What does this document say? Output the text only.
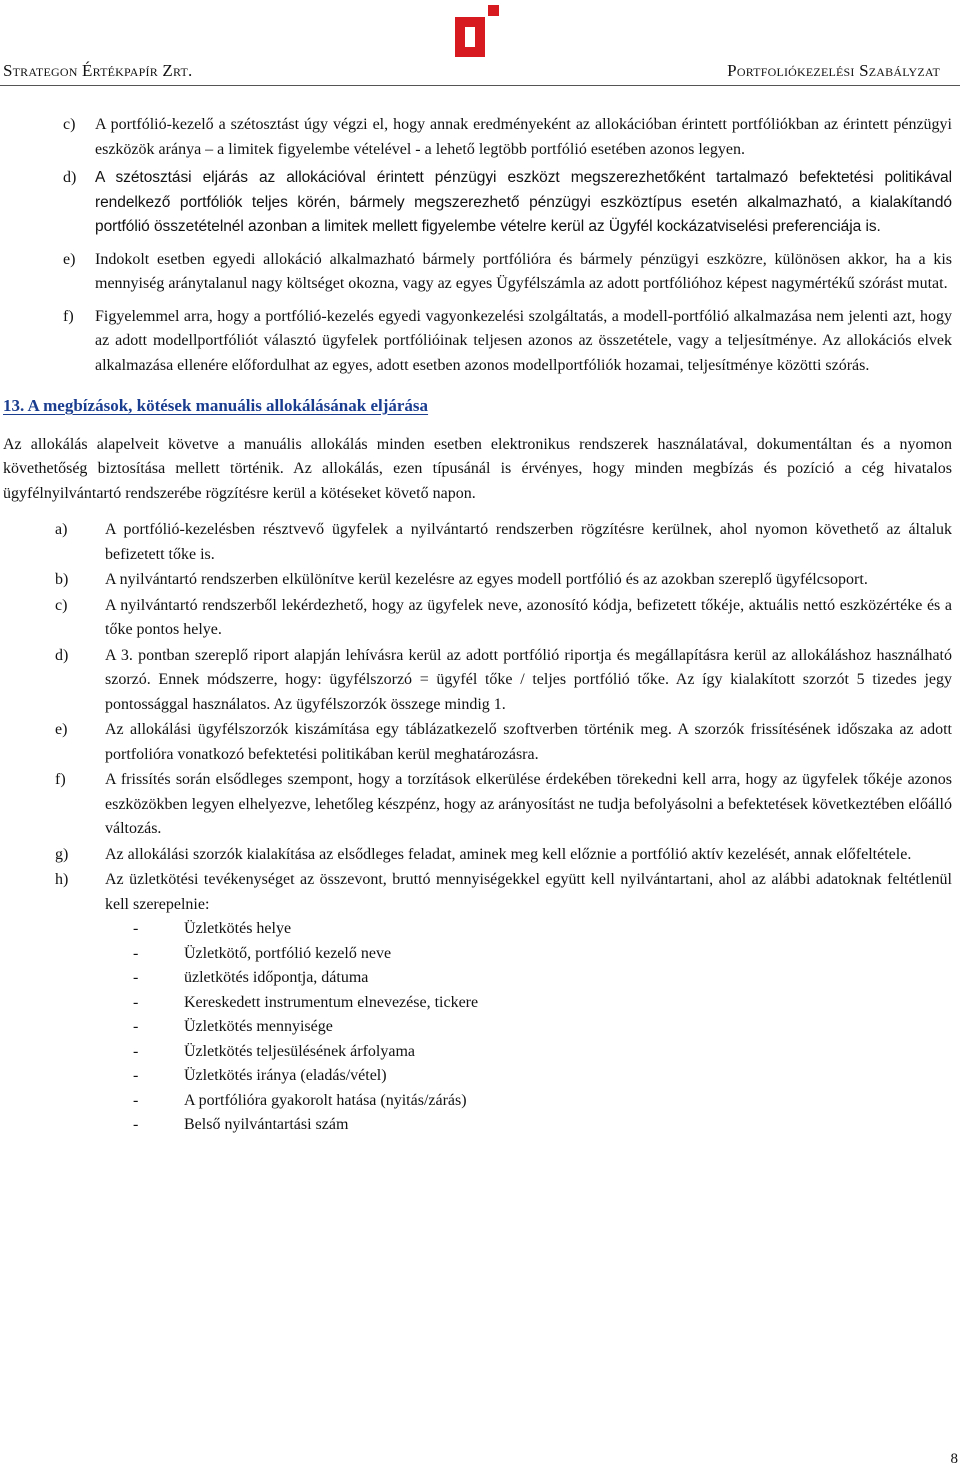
Strategon Értékpapír Zrt.	Portfoliókezelési Szabályzat
c)	A portfólió-kezelő a szétosztást úgy végzi el, hogy annak eredményeként az allokációban érintett portfóliókban az érintett pénzügyi eszközök aránya – a limitek figyelembe vételével - a lehető legtöbb portfólió esetében azonos legyen.
d)	A szétosztási eljárás az allokációval érintett pénzügyi eszközt megszerezhetőként tartalmazó befektetési politikával rendelkező portfóliók teljes körén, bármely megszerezhető pénzügyi eszköztípus esetén alkalmazható, a kialakítandó portfólió összetételnél azonban a limitek mellett figyelembe vételre kerül az Ügyfél kockázatviselési preferenciája is.
e)	Indokolt esetben egyedi allokáció alkalmazható bármely portfólióra és bármely pénzügyi eszközre, különösen akkor, ha a kis mennyiség aránytalanul nagy költséget okozna, vagy az egyes Ügyfélszámla az adott portfólióhoz képest nagymértékű szórást mutat.
f)	Figyelemmel arra, hogy a portfólió-kezelés egyedi vagyonkezelési szolgáltatás, a modell-portfólió alkalmazása nem jelenti azt, hogy az adott modellportfóliót választó ügyfelek portfólióinak teljesen azonos az összetétele, vagy a teljesítménye. Az allokációs elvek alkalmazása ellenére előfordulhat az egyes, adott esetben azonos modellportfóliók hozamai, teljesítménye közötti szórás.
13. A megbízások, kötések manuális allokálásának eljárása
Az allokálás alapelveit követve a manuális allokálás minden esetben elektronikus rendszerek használatával, dokumentáltan és a nyomon követhetőség biztosítása mellett történik. Az allokálás, ezen típusánál is érvényes, hogy minden megbízás és pozíció a cég hivatalos ügyfélnyilvántartó rendszerébe rögzítésre kerül a kötéseket követő napon.
a)	A portfólió-kezelésben résztvevő ügyfelek a nyilvántartó rendszerben rögzítésre kerülnek, ahol nyomon követhető az általuk befizetett tőke is.
b)	A nyilvántartó rendszerben elkülönítve kerül kezelésre az egyes modell portfólió és az azokban szereplő ügyfélcsoport.
c)	A nyilvántartó rendszerből lekérdezhető, hogy az ügyfelek neve, azonosító kódja, befizetett tőkéje, aktuális nettó eszközértéke és a tőke pontos helye.
d)	A 3. pontban szereplő riport alapján lehívásra kerül az adott portfólió riportja és megállapításra kerül az allokáláshoz használható szorzó. Ennek módszerre, hogy: ügyfélszorzó = ügyfél tőke / teljes portfólió tőke. Az így kialakított szorzót 5 tizedes jegy pontossággal használatos. Az ügyfélszorzók összege mindig 1.
e)	Az allokálási ügyfélszorzók kiszámítása egy táblázatkezelő szoftverben történik meg. A szorzók frissítésének időszaka az adott portfolióra vonatkozó befektetési politikában kerül meghatározásra.
f)	A frissítés során elsődleges szempont, hogy a torzítások elkerülése érdekében törekedni kell arra, hogy az ügyfelek tőkéje azonos eszközökben legyen elhelyezve, lehetőleg készpénz, hogy az arányosítást ne tudja befolyásolni a befektetések következtében előálló változás.
g)	Az allokálási szorzók kialakítása az elsődleges feladat, aminek meg kell előznie a portfólió aktív kezelését, annak előfeltétele.
h)	Az üzletkötési tevékenységet az összevont, bruttó mennyiségekkel együtt kell nyilvántartani, ahol az alábbi adatoknak feltétlenül kell szerepelnie:
-	Üzletkötés helye
-	Üzletkötő, portfólió kezelő neve
-	üzletkötés időpontja, dátuma
-	Kereskedett instrumentum elnevezése, tickere
-	Üzletkötés mennyisége
-	Üzletkötés teljesülésének árfolyama
-	Üzletkötés iránya (eladás/vétel)
-	A portfólióra gyakorolt hatása (nyitás/zárás)
-	Belső nyilvántartási szám
8
